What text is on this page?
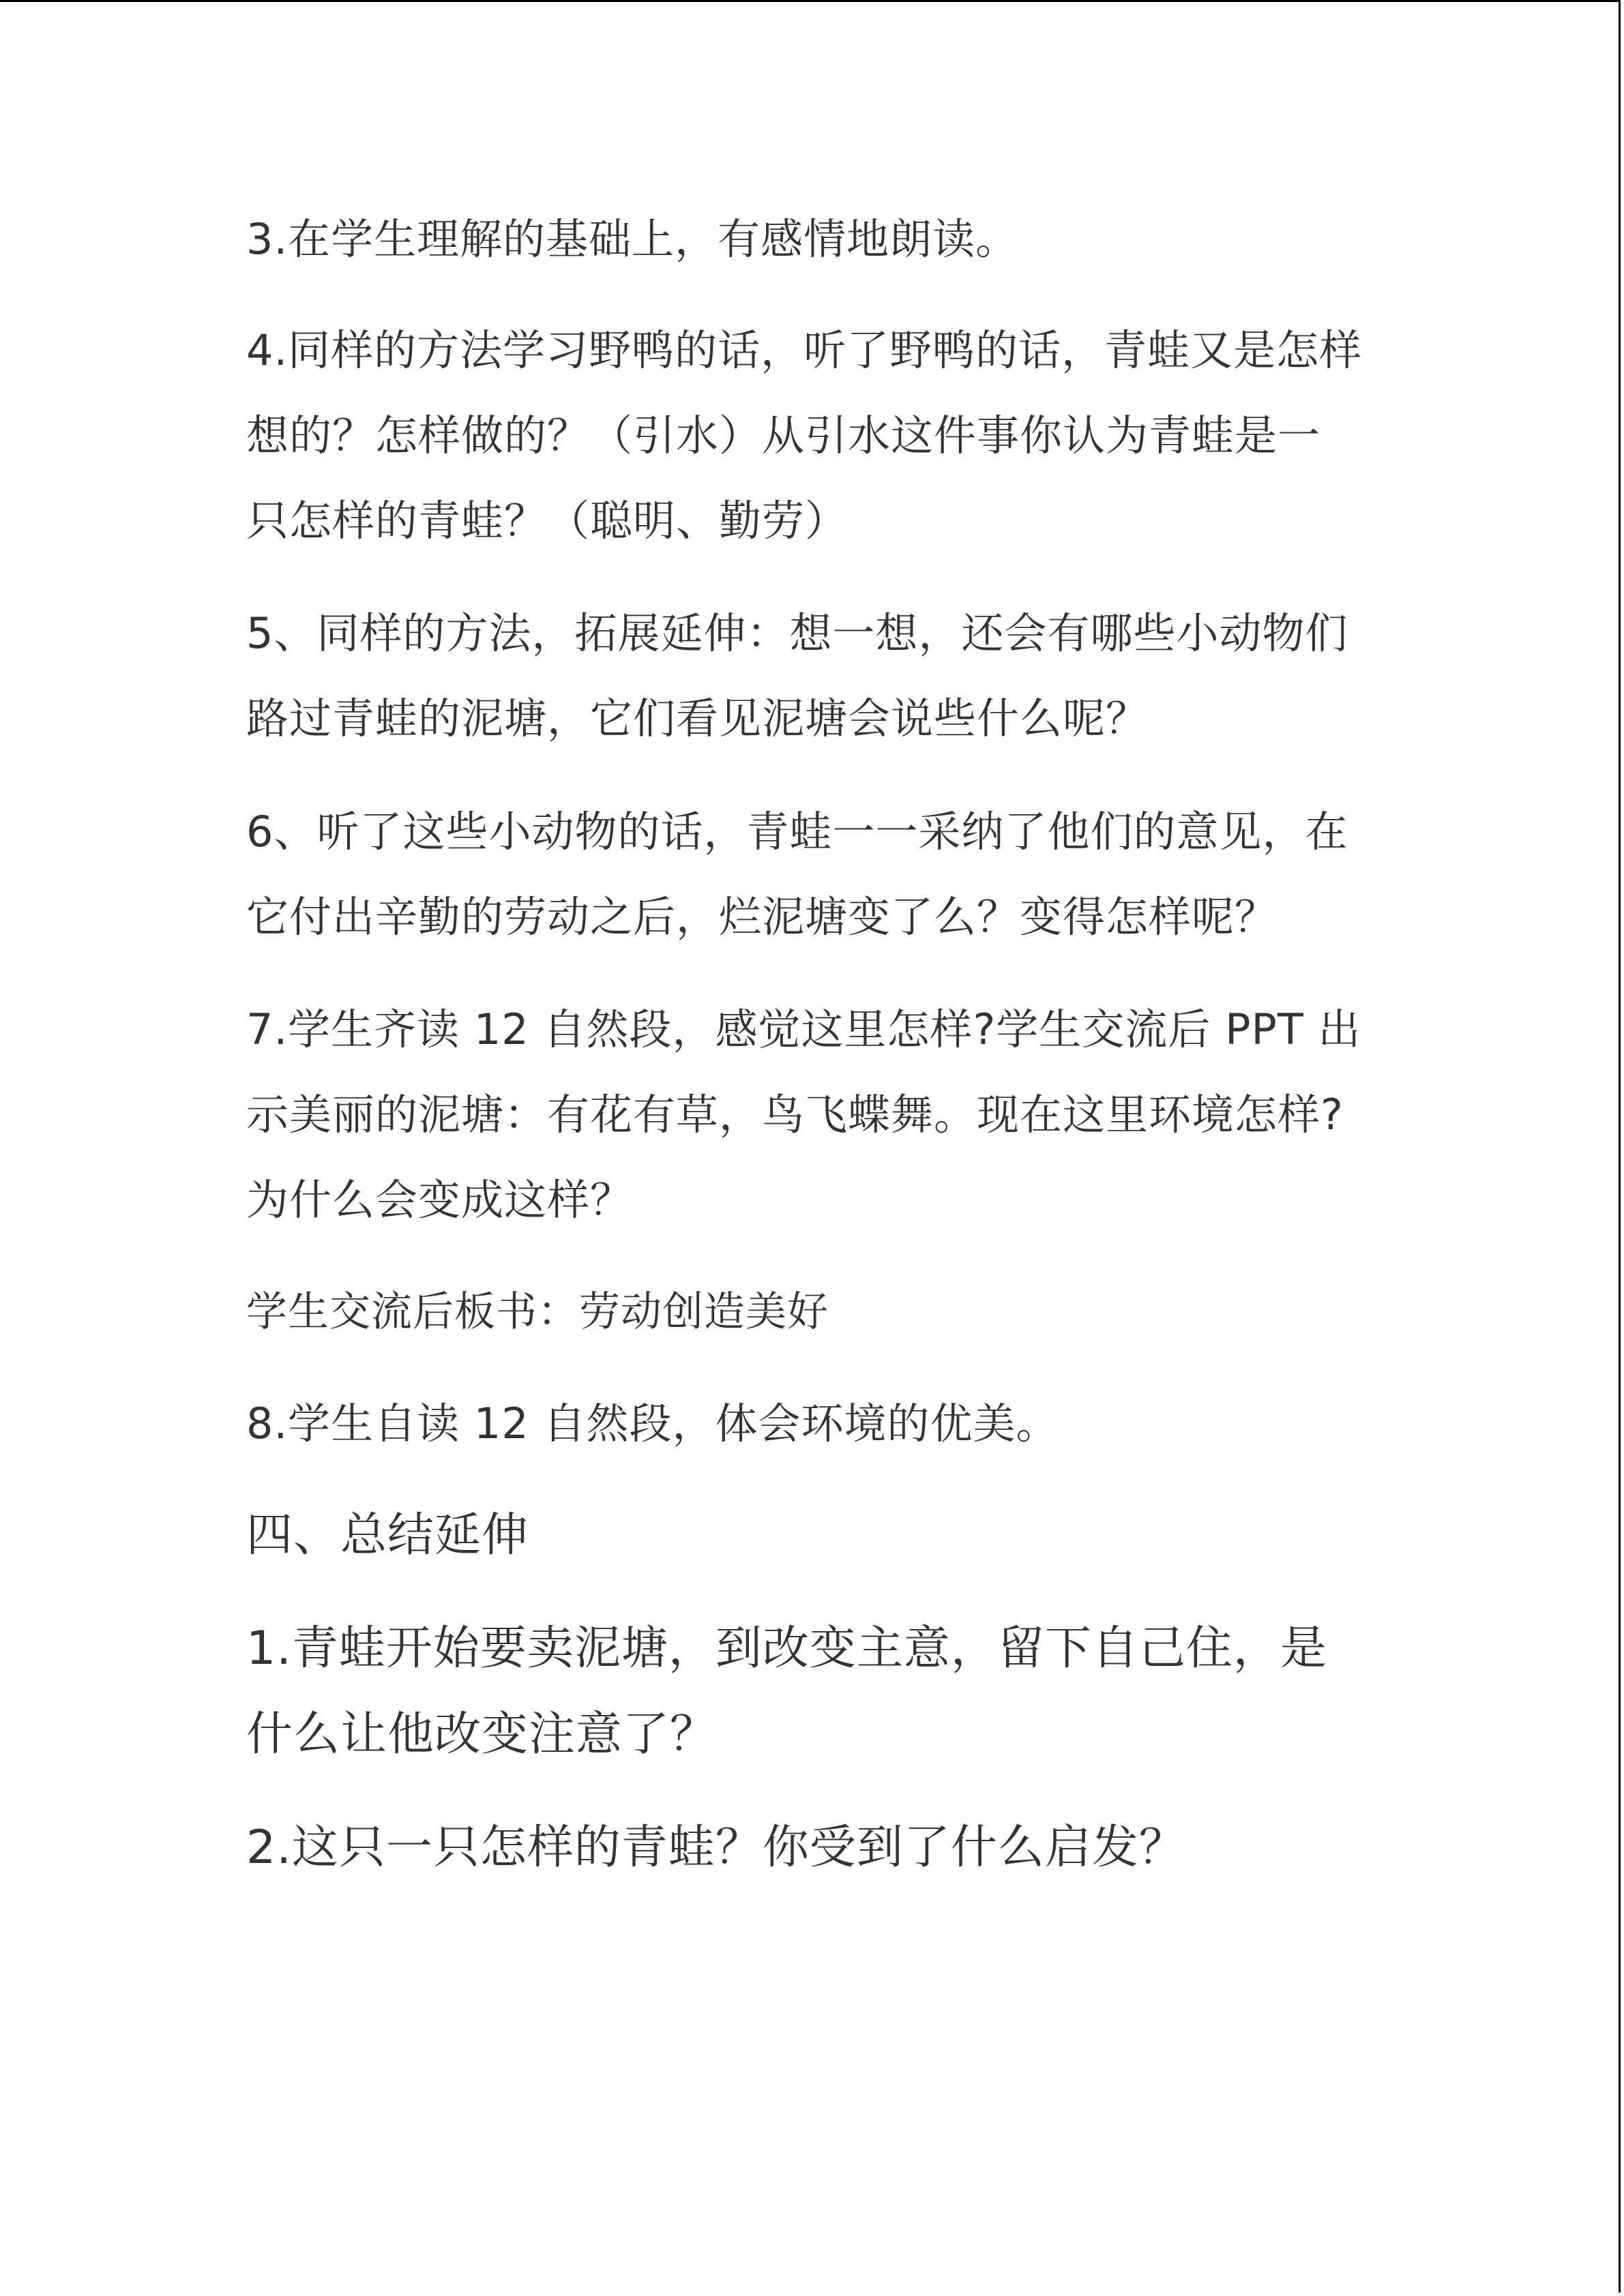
3.在学生理解的基础上，有感情地朗读。
4.同样的方法学习野鸭的话，听了野鸭的话，青蛙又是怎样
想的？怎样做的？（引水）从引水这件事你认为青蛙是一
只怎样的青蛙？（聪明、勤劳）
5、同样的方法，拓展延伸：想一想，还会有哪些小动物们
路过青蛙的泥塘，它们看见泥塘会说些什么呢？
6、听了这些小动物的话，青蛙一一采纳了他们的意见，在
它付出辛勤的劳动之后，烂泥塘变了么？变得怎样呢？
7.学生齐读 12 自然段，感觉这里怎样?学生交流后 PPT 出
示美丽的泥塘：有花有草，鸟飞蝶舞。现在这里环境怎样?
为什么会变成这样？
学生交流后板书：劳动创造美好
8.学生自读 12 自然段，体会环境的优美。
四、总结延伸
1.青蛙开始要卖泥塘，到改变主意，留下自己住，是
什么让他改变注意了？
2.这只一只怎样的青蛙？你受到了什么启发？
